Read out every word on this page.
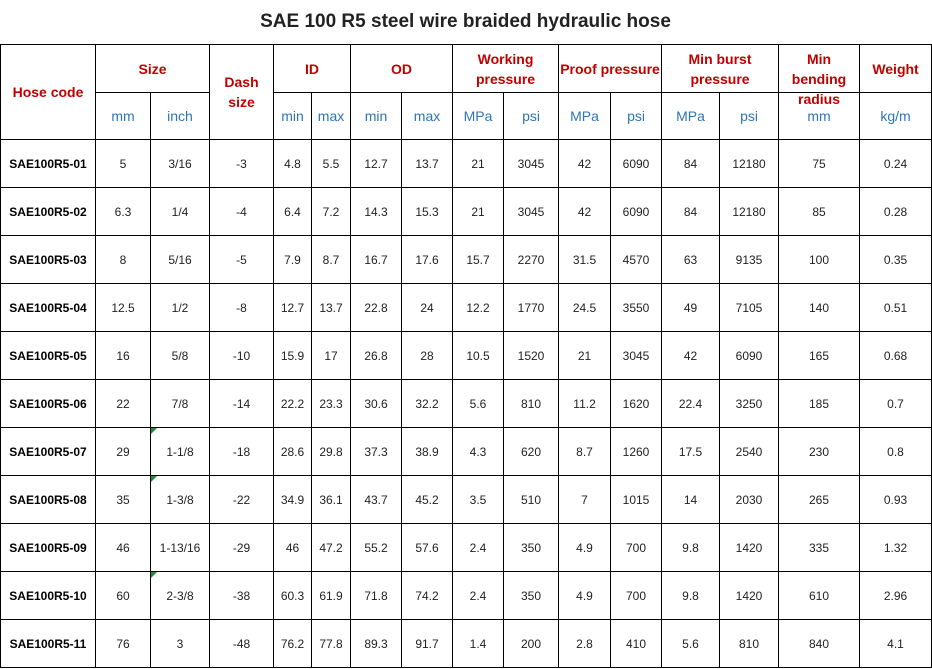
SAE 100 R5 steel wire braided hydraulic hose
Hose code	Size		Dash size	ID		OD		Working pressure		Proof pressure		Min burst pressure		Min bending radius	Weight
	mm	inch		min	max	min	max	MPa	psi	MPa	psi	MPa	psi	mm	kg/m
SAE100R5-01	5	3/16	-3	4.8	5.5	12.7	13.7	21	3045	42	6090	84	12180	75	0.24
SAE100R5-02	6.3	1/4	-4	6.4	7.2	14.3	15.3	21	3045	42	6090	84	12180	85	0.28
SAE100R5-03	8	5/16	-5	7.9	8.7	16.7	17.6	15.7	2270	31.5	4570	63	9135	100	0.35
SAE100R5-04	12.5	1/2	-8	12.7	13.7	22.8	24	12.2	1770	24.5	3550	49	7105	140	0.51
SAE100R5-05	16	5/8	-10	15.9	17	26.8	28	10.5	1520	21	3045	42	6090	165	0.68
SAE100R5-06	22	7/8	-14	22.2	23.3	30.6	32.2	5.6	810	11.2	1620	22.4	3250	185	0.7
SAE100R5-07	29	1-1/8	-18	28.6	29.8	37.3	38.9	4.3	620	8.7	1260	17.5	2540	230	0.8
SAE100R5-08	35	1-3/8	-22	34.9	36.1	43.7	45.2	3.5	510	7	1015	14	2030	265	0.93
SAE100R5-09	46	1-13/16	-29	46	47.2	55.2	57.6	2.4	350	4.9	700	9.8	1420	335	1.32
SAE100R5-10	60	2-3/8	-38	60.3	61.9	71.8	74.2	2.4	350	4.9	700	9.8	1420	610	2.96
SAE100R5-11	76	3	-48	76.2	77.8	89.3	91.7	1.4	200	2.8	410	5.6	810	840	4.1
